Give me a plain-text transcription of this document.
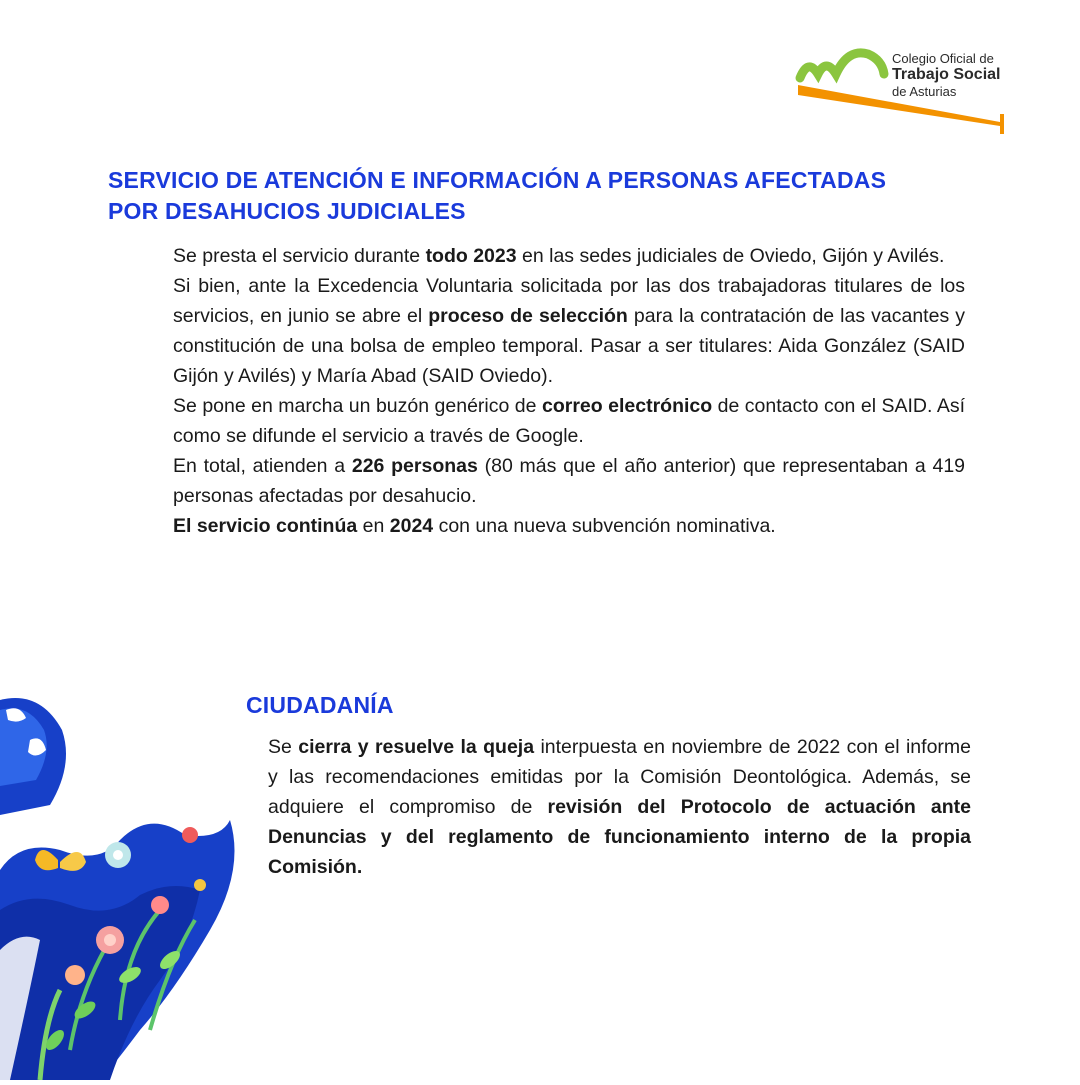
Colegio Oficial de
Trabajo Social
de Asturias
SERVICIO DE ATENCIÓN E INFORMACIÓN A PERSONAS AFECTADAS
POR DESAHUCIOS JUDICIALES

Se presta el servicio durante todo 2023 en las sedes judiciales de Oviedo, Gijón y Avilés.

Si bien, ante la Excedencia Voluntaria solicitada por las dos trabajadoras titulares de los servicios, en junio se abre el proceso de selección para la contratación de las vacantes y constitución de una bolsa de empleo temporal. Pasar a ser titulares: Aida González (SAID Gijón y Avilés) y María Abad (SAID Oviedo).

Se pone en marcha un buzón genérico de correo electrónico de contacto con el SAID. Así como se difunde el servicio a través de Google.

En total, atienden a 226 personas (80 más que el año anterior) que representaban a 419 personas afectadas por desahucio.

El servicio continúa en 2024 con una nueva subvención nominativa.

CIUDADANÍA

Se cierra y resuelve la queja interpuesta en noviembre de 2022 con el informe y las recomendaciones emitidas por la Comisión Deontológica. Además, se adquiere el compromiso de revisión del Protocolo de actuación ante Denuncias y del reglamento de funcionamiento interno de la propia Comisión.
